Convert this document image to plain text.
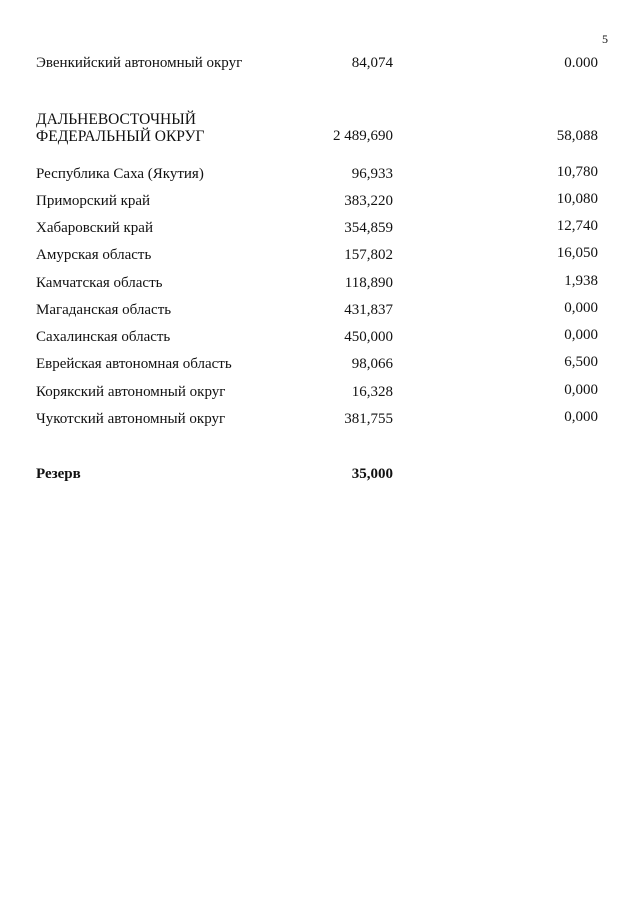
5
Эвенкийский автономный округ	84,074	0.000
ДАЛЬНЕВОСТОЧНЫЙ
ФЕДЕРАЛЬНЫЙ ОКРУГ	2 489,690	58,088
Республика Саха (Якутия)	96,933	10,780
Приморский край	383,220	10,080
Хабаровский край	354,859	12,740
Амурская область	157,802	16,050
Камчатская область	118,890	1,938
Магаданская область	431,837	0,000
Сахалинская область	450,000	0,000
Еврейская автономная область	98,066	6,500
Корякский автономный округ	16,328	0,000
Чукотский автономный округ	381,755	0,000
Резерв	35,000
